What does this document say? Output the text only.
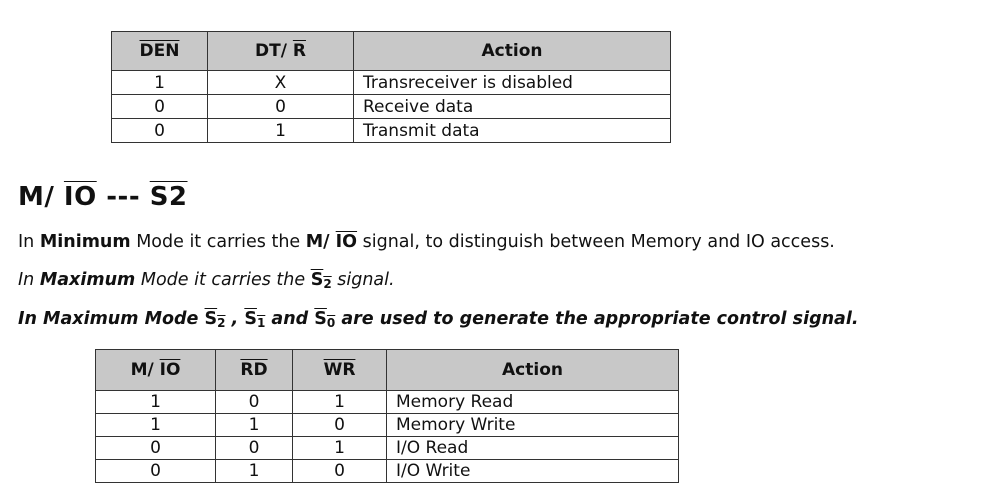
$\overline{DEN}$	DT/ $\overline{R}$	Action
1	X	Transreceiver is disabled
0	0	Receive data
0	1	Transmit data
M/ $\overline{IO}$ --- S2
In Minimum Mode it carries the M/ $\overline{IO}$ signal, to distinguish between Memory and IO access.
In Maximum Mode it carries the $S_2$ signal.
In Maximum Mode $S_2$ , $S_1$ and $S_0$ are used to generate the appropriate control signal.
M/ $\overline{IO}$	$\overline{RD}$	$\overline{WR}$	Action
1	0	1	Memory Read
1	1	0	Memory Write
0	0	1	I/O Read
0	1	0	I/O Write
